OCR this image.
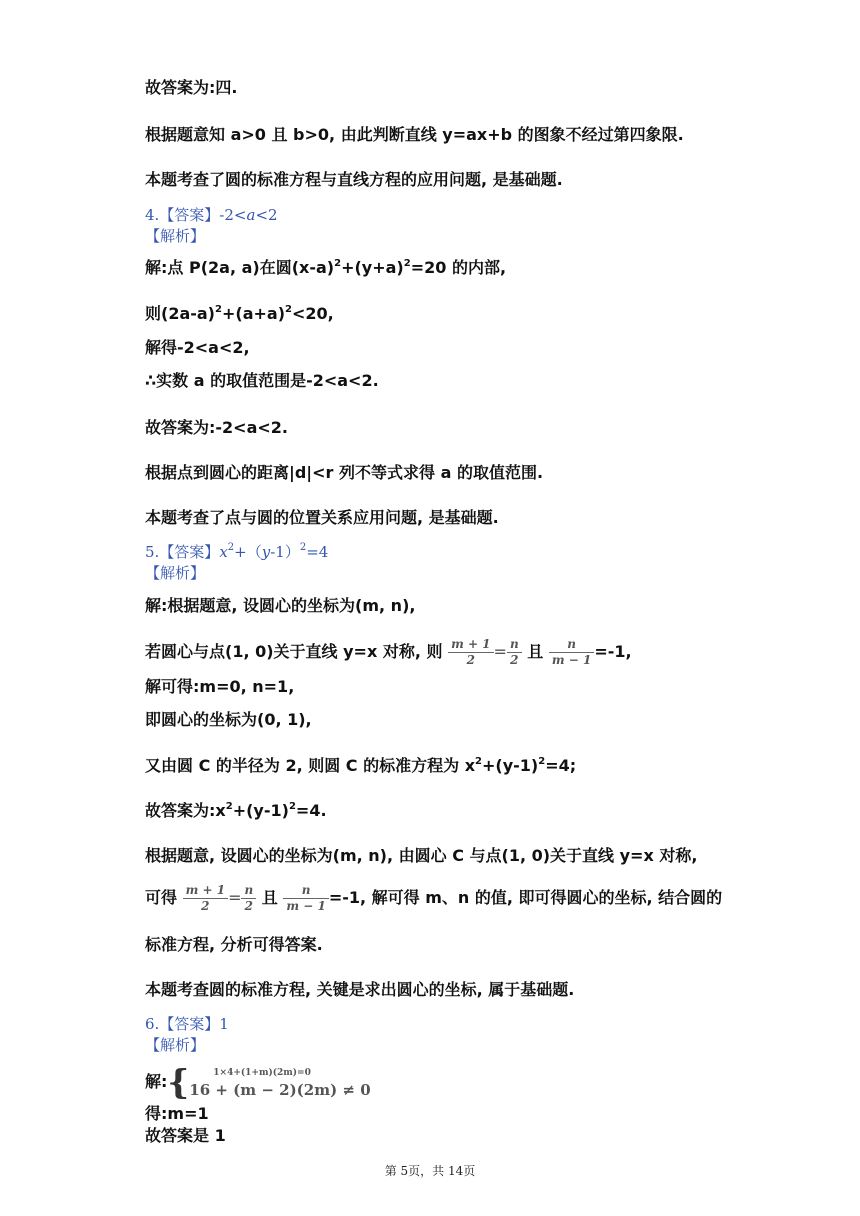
故答案为:四.
根据题意知 a>0 且 b>0, 由此判断直线 y=ax+b 的图象不经过第四象限.
本题考查了圆的标准方程与直线方程的应用问题, 是基础题.
4.【答案】-2<a<2
【解析】
解:点 P(2a, a)在圆$(x-a)^2+(y+a)^2=20$ 的内部,
则$(2a-a)^2+(a+a)^2<20$,
解得-2<a<2,
∴实数 a 的取值范围是-2<a<2.
故答案为:-2<a<2.
根据点到圆心的距离|d|<r 列不等式求得 a 的取值范围.
本题考查了点与圆的位置关系应用问题, 是基础题.
5.【答案】$x^2+(y-1)^2=4$
【解析】
解:根据题意, 设圆心的坐标为(m, n),
若圆心与点(1, 0)关于直线 y=x 对称, 则 $\frac{m + 1}{2} = \frac{n}{2}$ 且 $\frac{n}{m - 1} =-1$,
解可得:m=0, n=1,
即圆心的坐标为(0, 1),
又由圆 C 的半径为 2, 则圆 C 的标准方程为 $x^2+(y-1)^2=4$;
故答案为$:x^2+(y-1)^2=4$.
根据题意, 设圆心的坐标为(m, n), 由圆心 C 与点(1, 0)关于直线 y=x 对称,
可得 $\frac{m + 1}{2} = \frac{n}{2}$ 且 $\frac{n}{m - 1} =-1$, 解可得 m、n 的值, 即可得圆心的坐标, 结合圆的
标准方程, 分析可得答案.
本题考查圆的标准方程, 关键是求出圆心的坐标, 属于基础题.
6.【答案】1
【解析】
解:{	1×4+(1+m)(2m)=0
16 + (m − 2)(2m) ≠ 0
得:m=1
故答案是 1
第 5页，共 14页
